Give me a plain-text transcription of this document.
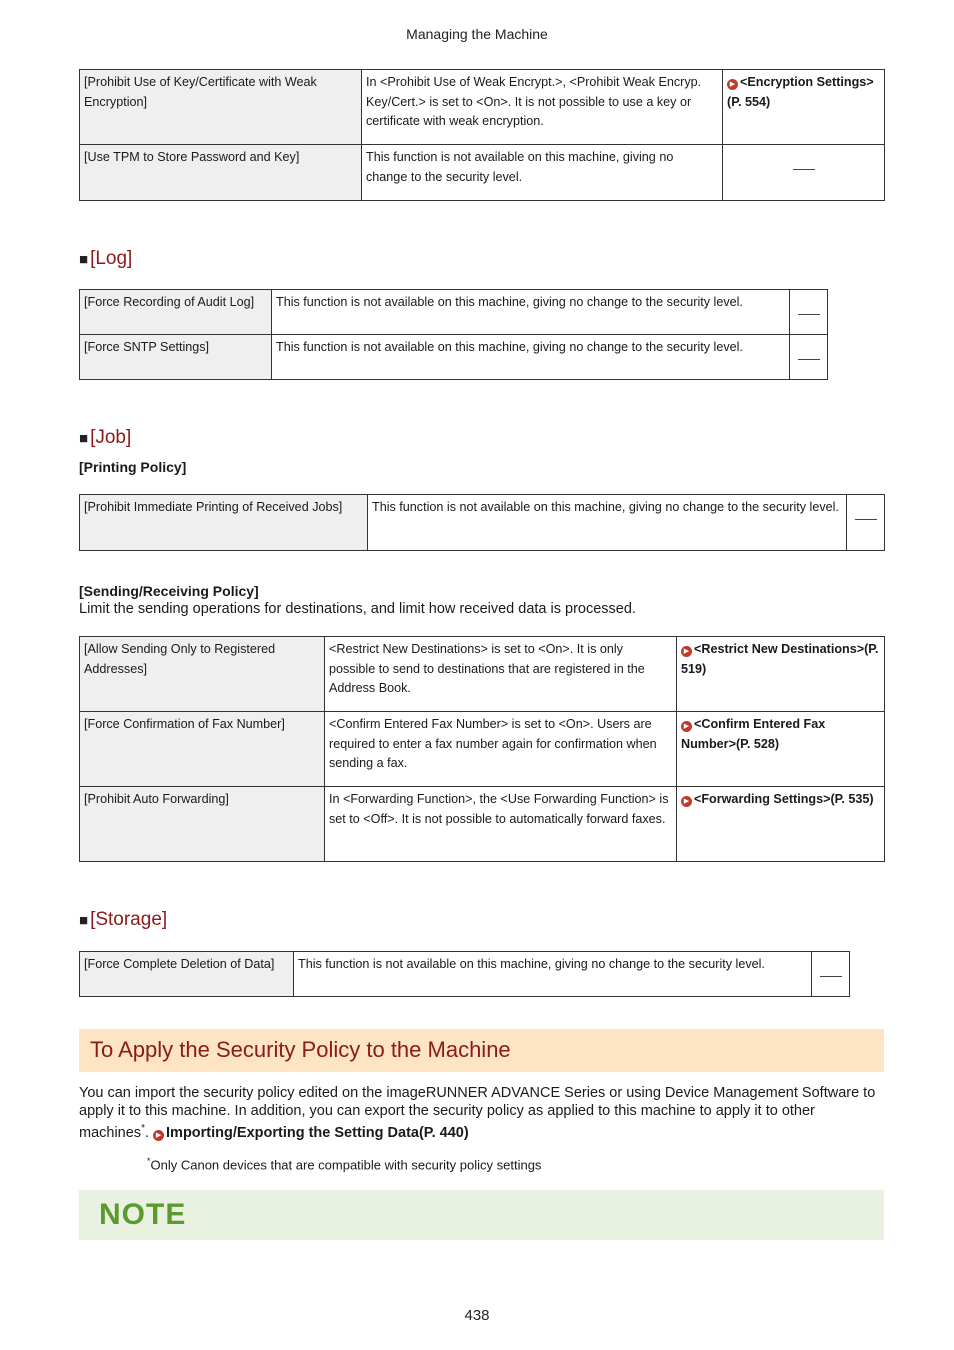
Managing the Machine
[Prohibit Use of Key/Certificate with Weak Encryption]	In <Prohibit Use of Weak Encrypt.>, <Prohibit Weak Encryp. Key/Cert.> is set to <On>. It is not possible to use a key or certificate with weak encryption.	▶ <Encryption Settings>(P. 554)
[Use TPM to Store Password and Key]	This function is not available on this machine, giving no change to the security level.	
■ [Log]
[Force Recording of Audit Log]	This function is not available on this machine, giving no change to the security level.	
[Force SNTP Settings]	This function is not available on this machine, giving no change to the security level.	
■ [Job]
[Printing Policy]
[Prohibit Immediate Printing of Received Jobs]	This function is not available on this machine, giving no change to the security level.	
[Sending/Receiving Policy]
Limit the sending operations for destinations, and limit how received data is processed.
[Allow Sending Only to Registered Addresses]	<Restrict New Destinations> is set to <On>. It is only possible to send to destinations that are registered in the Address Book.	▶ <Restrict New Destinations>(P. 519)
[Force Confirmation of Fax Number]	<Confirm Entered Fax Number> is set to <On>. Users are required to enter a fax number again for confirmation when sending a fax.	▶ <Confirm Entered Fax Number>(P. 528)
[Prohibit Auto Forwarding]	In <Forwarding Function>, the <Use Forwarding Function> is set to <Off>. It is not possible to automatically forward faxes.	▶ <Forwarding Settings>(P. 535)
■ [Storage]
[Force Complete Deletion of Data]	This function is not available on this machine, giving no change to the security level.	
To Apply the Security Policy to the Machine
You can import the security policy edited on the imageRUNNER ADVANCE Series or using Device Management Software to apply it to this machine. In addition, you can export the security policy as applied to this machine to apply it to other machines*. ▶ Importing/Exporting the Setting Data(P. 440)
*Only Canon devices that are compatible with security policy settings
NOTE
438
